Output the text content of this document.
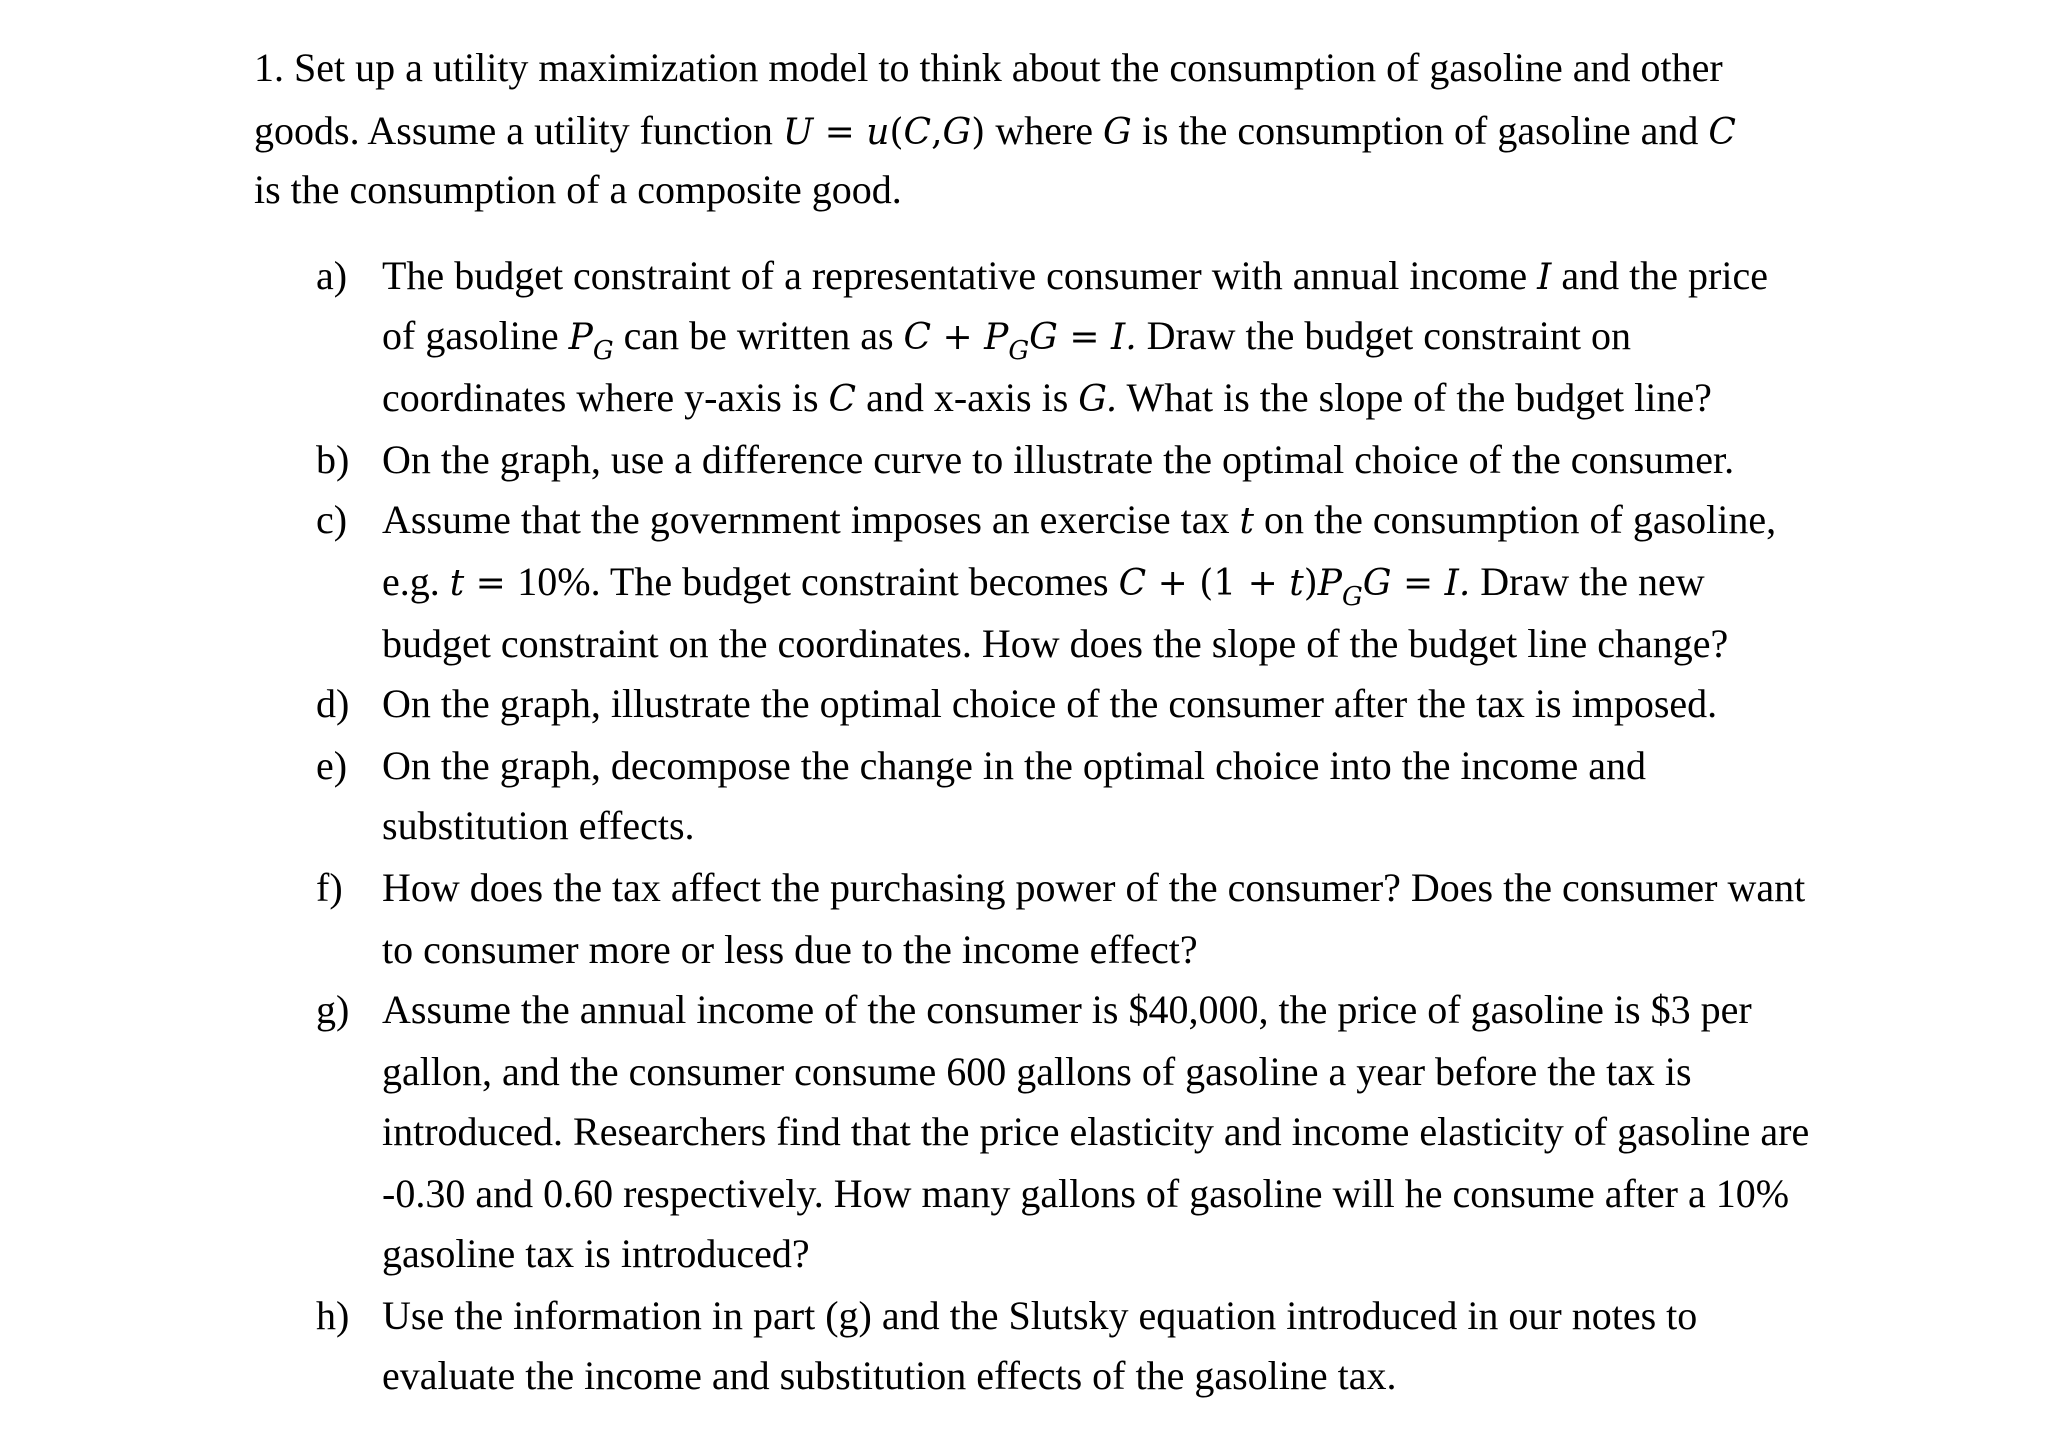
1. Set up a utility maximization model to think about the consumption of gasoline and other
goods. Assume a utility function U = u(C,G) where G is the consumption of gasoline and C
is the consumption of a composite good.
a) The budget constraint of a representative consumer with annual income I and the price
of gasoline $P_G$ can be written as $C + P_GG = I$. Draw the budget constraint on
coordinates where y-axis is C and x-axis is G. What is the slope of the budget line?
b) On the graph, use a difference curve to illustrate the optimal choice of the consumer.
c) Assume that the government imposes an exercise tax t on the consumption of gasoline,
e.g. t = 10%. The budget constraint becomes $C + (1 + t)P_GG = I$. Draw the new
budget constraint on the coordinates. How does the slope of the budget line change?
d) On the graph, illustrate the optimal choice of the consumer after the tax is imposed.
e) On the graph, decompose the change in the optimal choice into the income and
substitution effects.
f) How does the tax affect the purchasing power of the consumer? Does the consumer want
to consumer more or less due to the income effect?
g) Assume the annual income of the consumer is $40,000, the price of gasoline is $3 per
gallon, and the consumer consume 600 gallons of gasoline a year before the tax is
introduced. Researchers find that the price elasticity and income elasticity of gasoline are
-0.30 and 0.60 respectively. How many gallons of gasoline will he consume after a 10%
gasoline tax is introduced?
h) Use the information in part (g) and the Slutsky equation introduced in our notes to
evaluate the income and substitution effects of the gasoline tax.
